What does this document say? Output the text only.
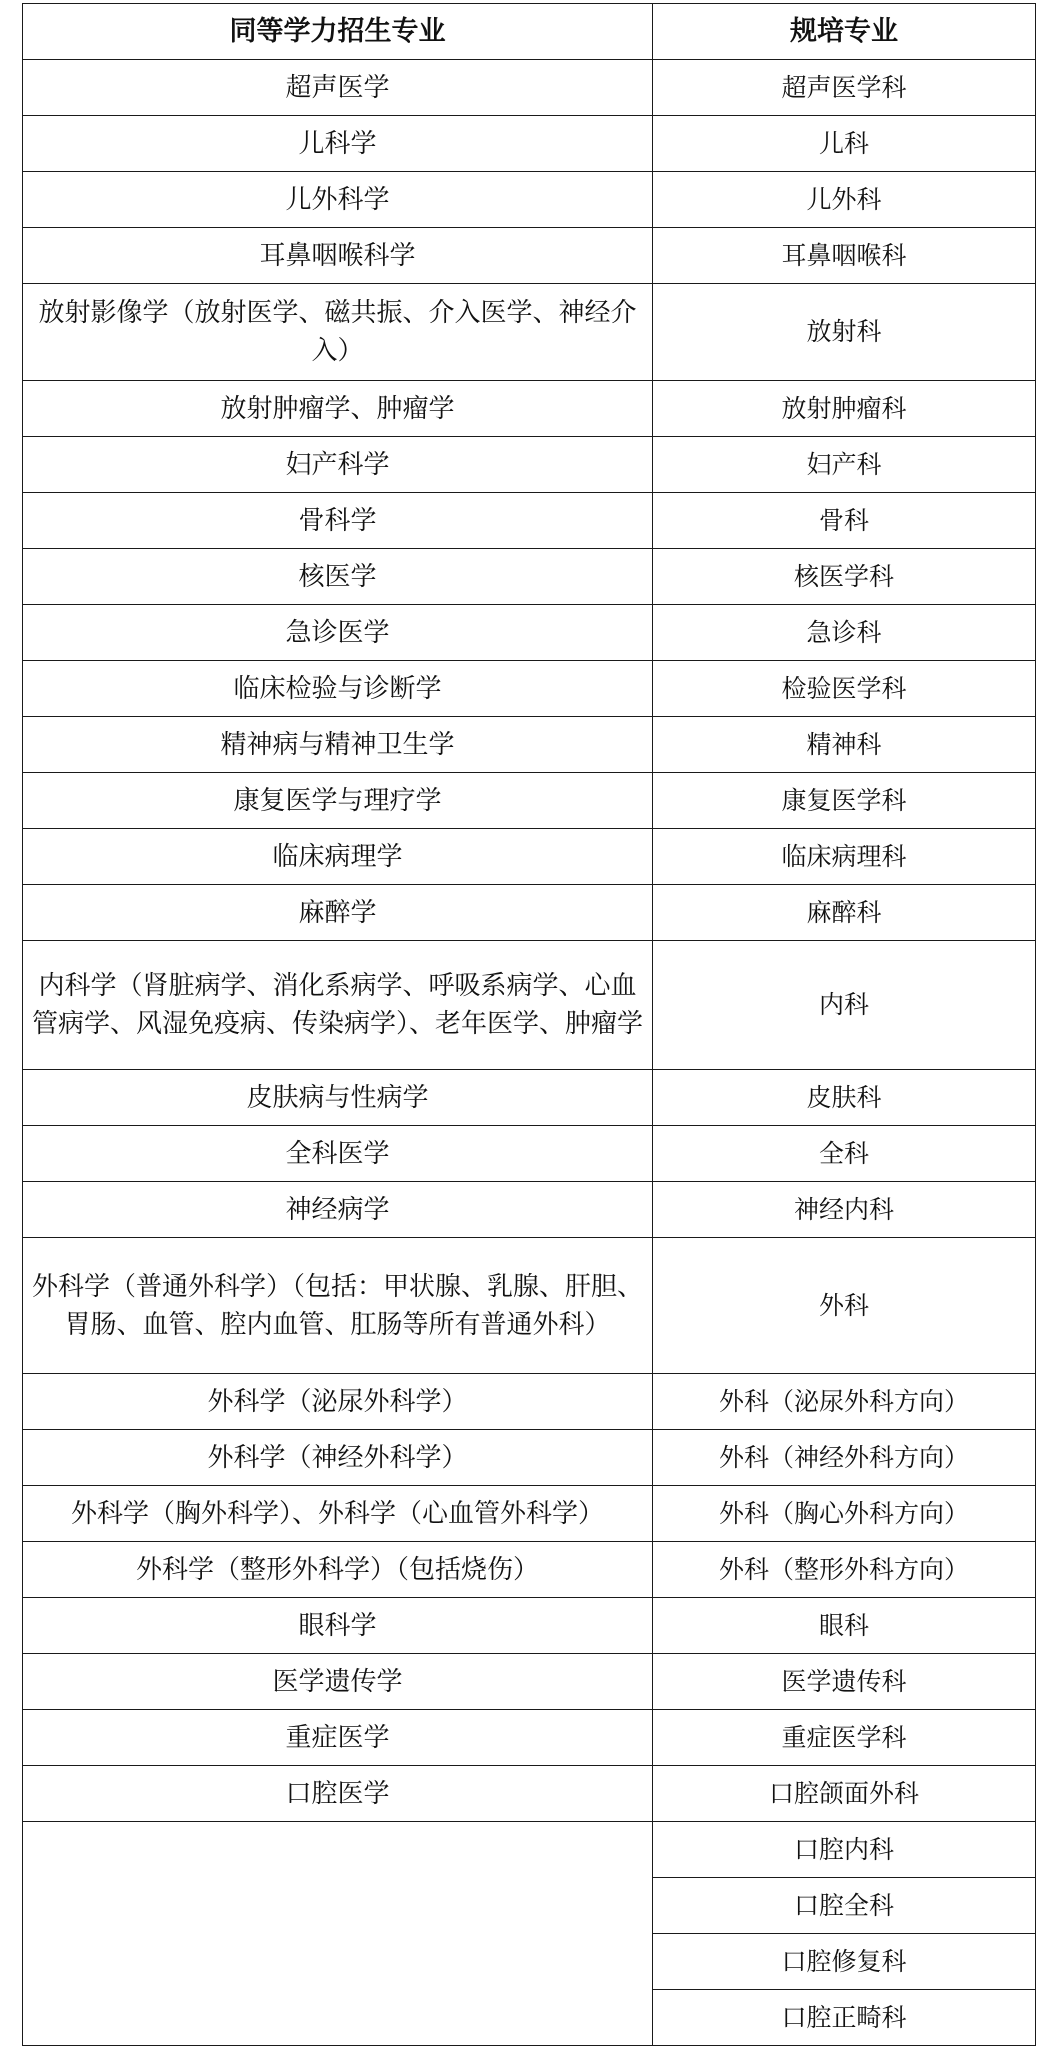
同等学力招生专业	规培专业
超声医学	超声医学科
儿科学	儿科
儿外科学	儿外科
耳鼻咽喉科学	耳鼻咽喉科
放射影像学（放射医学、磁共振、介入医学、神经介入）	放射科
放射肿瘤学、肿瘤学	放射肿瘤科
妇产科学	妇产科
骨科学	骨科
核医学	核医学科
急诊医学	急诊科
临床检验与诊断学	检验医学科
精神病与精神卫生学	精神科
康复医学与理疗学	康复医学科
临床病理学	临床病理科
麻醉学	麻醉科
内科学（肾脏病学、消化系病学、呼吸系病学、心血管病学、风湿免疫病、传染病学）、老年医学、肿瘤学	内科
皮肤病与性病学	皮肤科
全科医学	全科
神经病学	神经内科
外科学（普通外科学）（包括：甲状腺、乳腺、肝胆、胃肠、血管、腔内血管、肛肠等所有普通外科）	外科
外科学（泌尿外科学）	外科（泌尿外科方向）
外科学（神经外科学）	外科（神经外科方向）
外科学（胸外科学）、外科学（心血管外科学）	外科（胸心外科方向）
外科学（整形外科学）（包括烧伤）	外科（整形外科方向）
眼科学	眼科
医学遗传学	医学遗传科
重症医学	重症医学科
口腔医学	口腔颌面外科
	口腔内科
	口腔全科
	口腔修复科
	口腔正畸科
